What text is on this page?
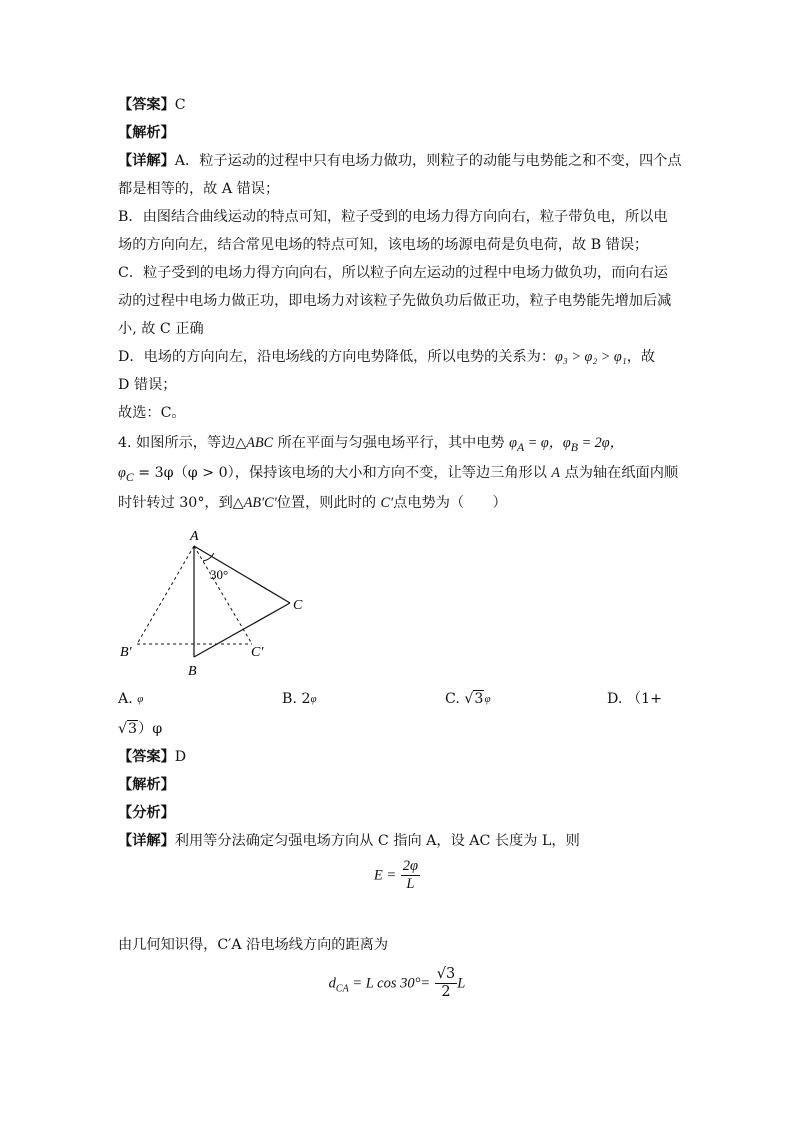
【答案】C
【解析】
【详解】A．粒子运动的过程中只有电场力做功，则粒子的动能与电势能之和不变，四个点
都是相等的，故 A 错误；
B．由图结合曲线运动的特点可知，粒子受到的电场力得方向向右，粒子带负电，所以电
场的方向向左，结合常见电场的特点可知，该电场的场源电荷是负电荷，故 B 错误；
C．粒子受到的电场力得方向向右，所以粒子向左运动的过程中电场力做负功，而向右运
动的过程中电场力做正功，即电场力对该粒子先做负功后做正功，粒子电势能先增加后减
小, 故 C 正确
D．电场的方向向左，沿电场线的方向电势降低，所以电势的关系为：φ₃ > φ₂ > φ₁，故
D 错误；
故选：C。
4. 如图所示，等边△ABC 所在平面与匀强电场平行，其中电势 $\varphi_A = \varphi$，$\varphi_B = 2\varphi$，
$\varphi_C = 3\varphi(\varphi > 0)$，保持该电场的大小和方向不变，让等边三角形以 A 点为轴在纸面内顺
时针转过 30°，到△AB′C′位置，则此时的 C′点电势为（　　）
A
B
C
B′	C′
30°
A. $^\varphi$	B. $2^\varphi$	C. $√3^\varphi$	D. （1+
√3）φ
【答案】D
【解析】
【分析】
【详解】利用等分法确定匀强电场方向从 C 指向 A，设 AC 长度为 L，则
$E = \frac{2\varphi}{L}$
由几何知识得，C′A 沿电场线方向的距离为
$d_{CA} = L$ $\cos 30^\circ= \frac{√3}{2}$ L
